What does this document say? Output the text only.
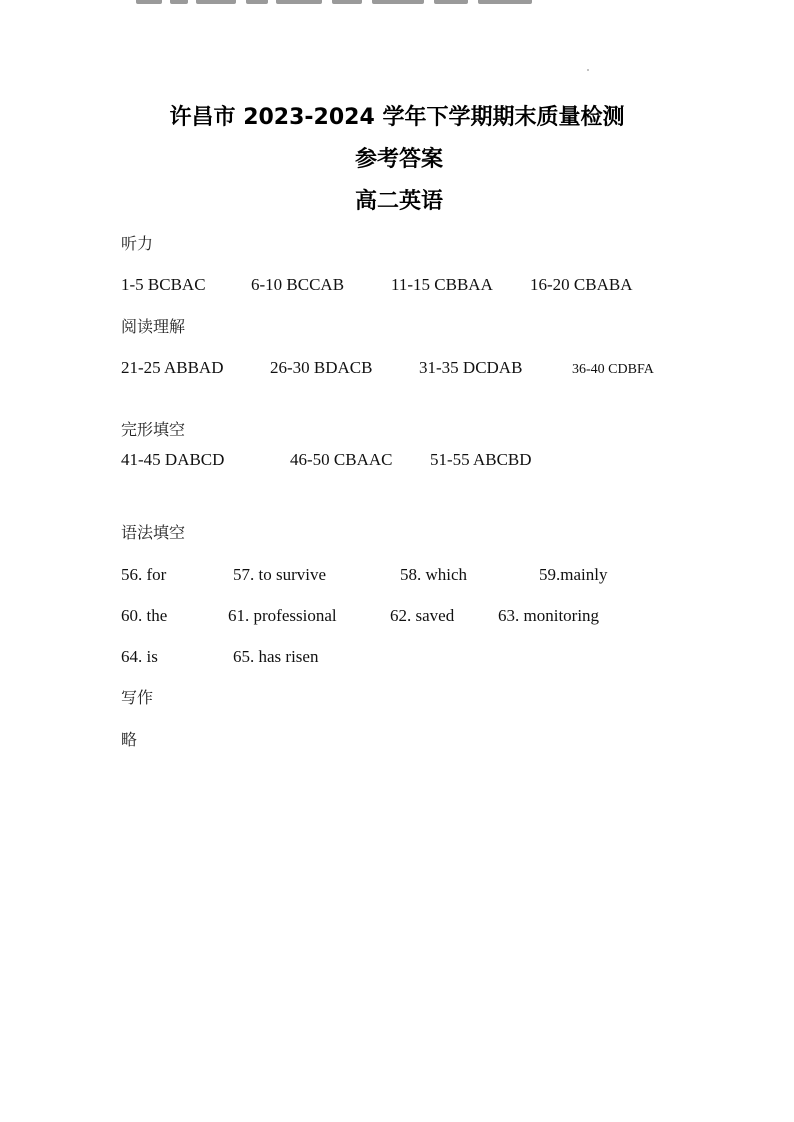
许昌市 2023-2024 学年下学期期末质量检测
参考答案
高二英语
听力
1-5 BCBAC	6-10 BCCAB	11-15 CBBAA 16-20 CBABA
阅读理解
21-25 ABBAD	26-30 BDACB	31-35 DCDAB	36-40 CDBFA
完形填空
41-45 DABCD	46-50 CBAAC 51-55 ABCBD
语法填空
56. for	57. to survive	58. which	59.mainly
60. the	61. professional	62. saved	63. monitoring
64. is	65. has risen
写作
略
